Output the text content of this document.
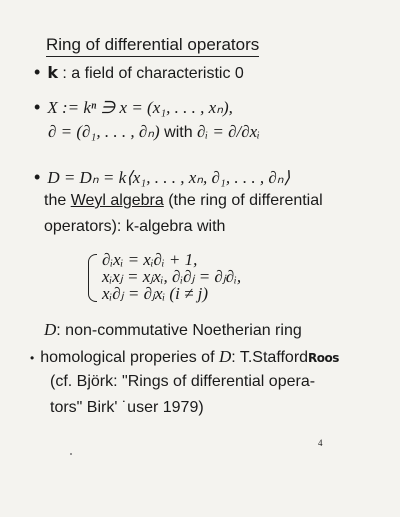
Ring of differential operators
• k : a field of characteristic 0
• X := kⁿ ∋ x = (x₁, . . . , xₙ),
∂ = (∂₁, . . . , ∂ₙ) with ∂ᵢ = ∂/∂xᵢ
• D = Dₙ = k⟨x₁, . . . , xₙ, ∂₁, . . . , ∂ₙ⟩
the Weyl algebra (the ring of differential
operators): k-algebra with
∂ᵢxᵢ = xᵢ∂ᵢ + 1,
xᵢxⱼ = xⱼxᵢ, ∂ᵢ∂ⱼ = ∂ⱼ∂ᵢ,
xᵢ∂ⱼ = ∂ⱼxᵢ (i ≠ j)
D: non-commutative Noetherian ring
• homological properies of D: T.StaffordRoos
(cf. Björk: "Rings of differential opera-
tors" Birk' ˙user 1979)
4
